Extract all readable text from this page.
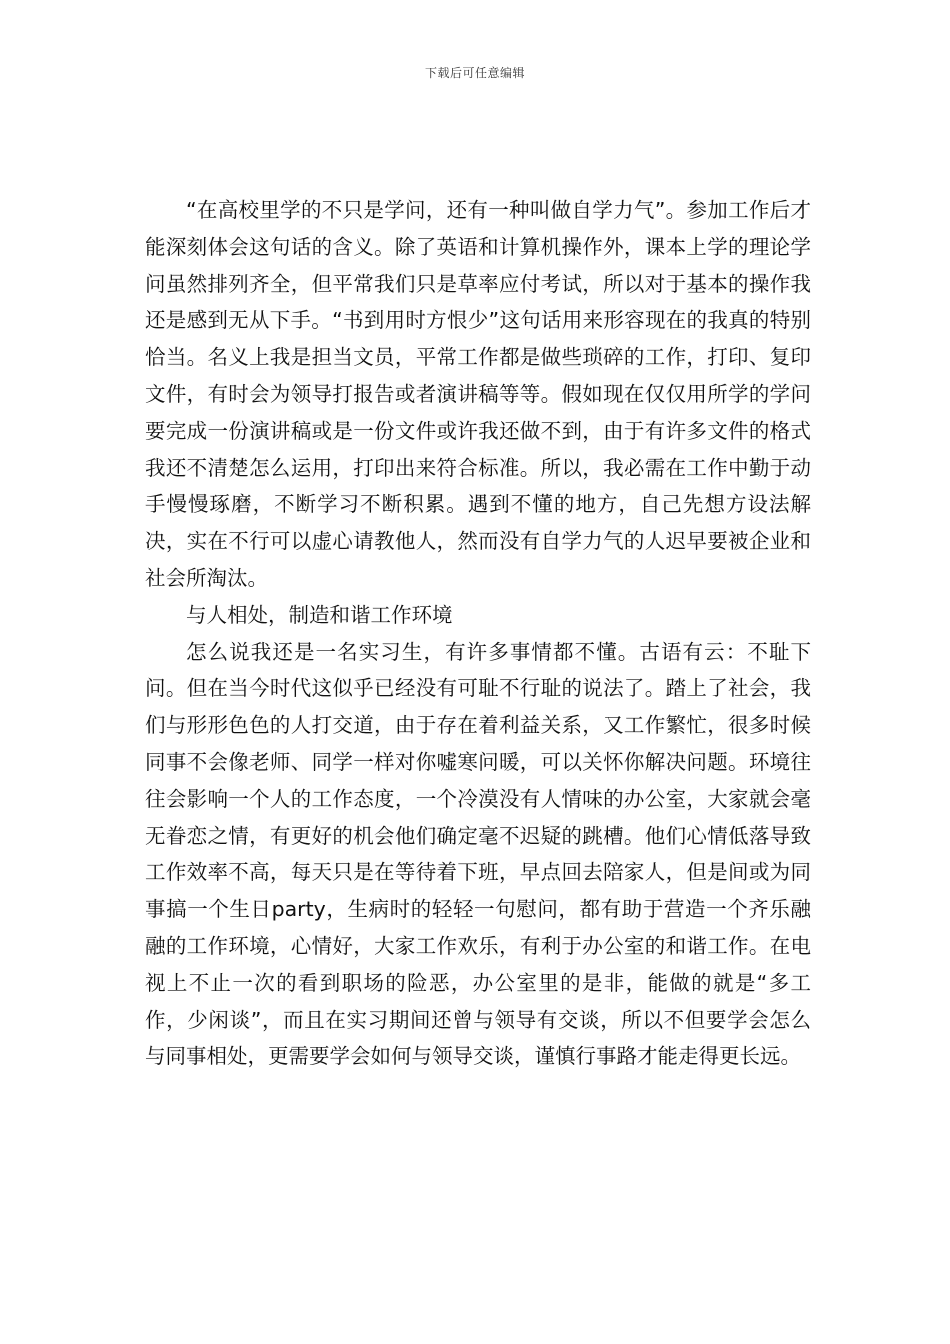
下载后可任意编辑

“在高校里学的不只是学问，还有一种叫做自学力气”。参加工作后才能深刻体会这句话的含义。除了英语和计算机操作外，课本上学的理论学问虽然排列齐全，但平常我们只是草率应付考试，所以对于基本的操作我还是感到无从下手。“书到用时方恨少”这句话用来形容现在的我真的特别恰当。名义上我是担当文员，平常工作都是做些琐碎的工作，打印、复印文件，有时会为领导打报告或者演讲稿等等。假如现在仅仅用所学的学问要完成一份演讲稿或是一份文件或许我还做不到，由于有许多文件的格式我还不清楚怎么运用，打印出来符合标准。所以，我必需在工作中勤于动手慢慢琢磨，不断学习不断积累。遇到不懂的地方，自己先想方设法解决，实在不行可以虚心请教他人，然而没有自学力气的人迟早要被企业和社会所淘汰。

与人相处，制造和谐工作环境

怎么说我还是一名实习生，有许多事情都不懂。古语有云：不耻下问。但在当今时代这似乎已经没有可耻不行耻的说法了。踏上了社会，我们与形形色色的人打交道，由于存在着利益关系，又工作繁忙，很多时候同事不会像老师、同学一样对你嘘寒问暖，可以关怀你解决问题。环境往往会影响一个人的工作态度，一个冷漠没有人情味的办公室，大家就会毫无眷恋之情，有更好的机会他们确定毫不迟疑的跳槽。他们心情低落导致工作效率不高，每天只是在等待着下班，早点回去陪家人，但是间或为同事搞一个生日party，生病时的轻轻一句慰问，都有助于营造一个齐乐融融的工作环境，心情好，大家工作欢乐，有利于办公室的和谐工作。在电视上不止一次的看到职场的险恶，办公室里的是非，能做的就是“多工作，少闲谈”，而且在实习期间还曾与领导有交谈，所以不但要学会怎么与同事相处，更需要学会如何与领导交谈，谨慎行事路才能走得更长远。
